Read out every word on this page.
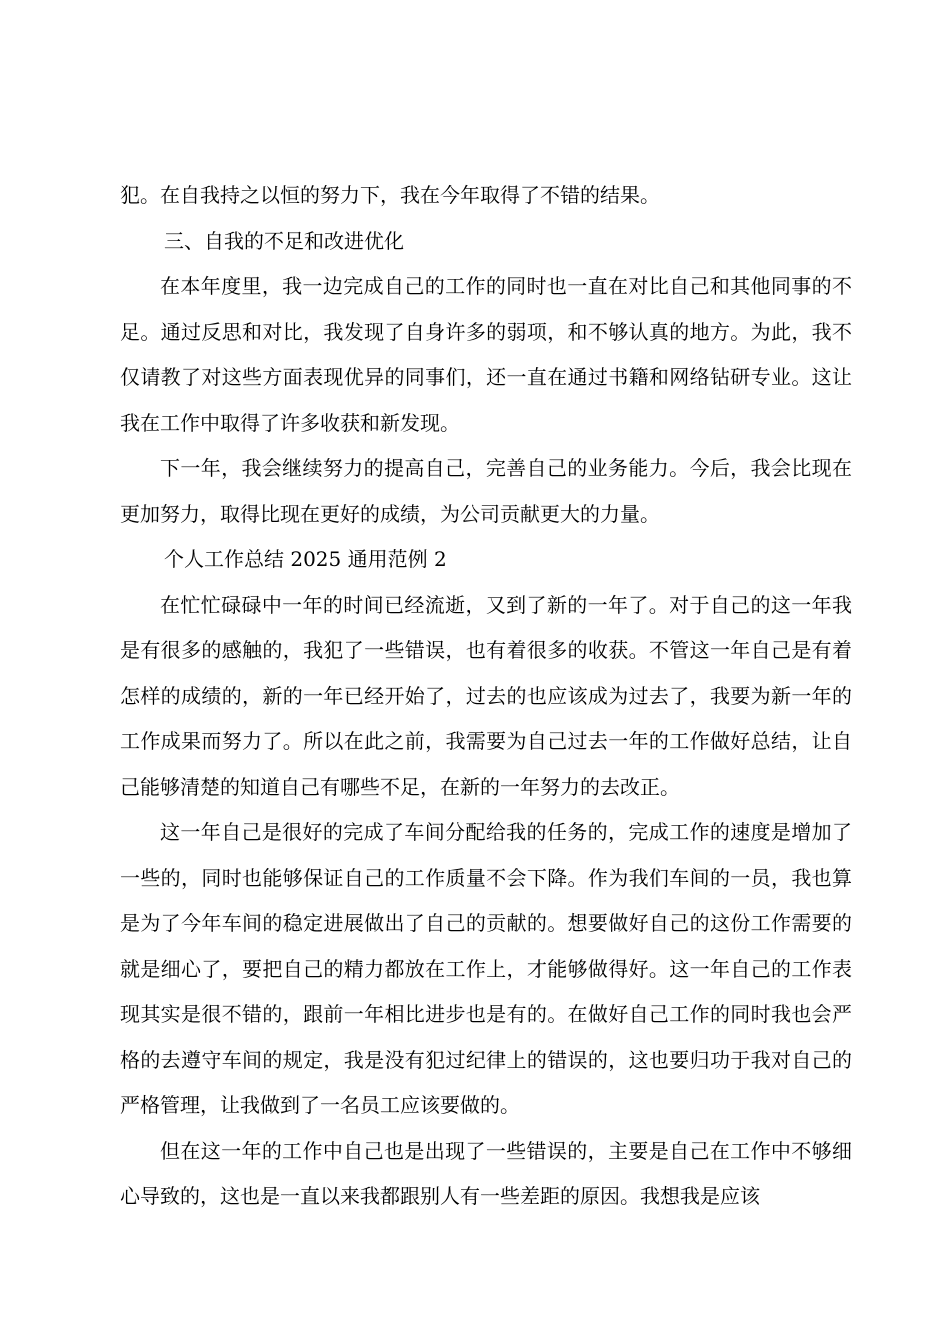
犯。在自我持之以恒的努力下，我在今年取得了不错的结果。

三、自我的不足和改进优化

在本年度里，我一边完成自己的工作的同时也一直在对比自己和其他同事的不足。通过反思和对比，我发现了自身许多的弱项，和不够认真的地方。为此，我不仅请教了对这些方面表现优异的同事们，还一直在通过书籍和网络钻研专业。这让我在工作中取得了许多收获和新发现。

下一年，我会继续努力的提高自己，完善自己的业务能力。今后，我会比现在更加努力，取得比现在更好的成绩，为公司贡献更大的力量。

个人工作总结 2025 通用范例 2

在忙忙碌碌中一年的时间已经流逝，又到了新的一年了。对于自己的这一年我是有很多的感触的，我犯了一些错误，也有着很多的收获。不管这一年自己是有着怎样的成绩的，新的一年已经开始了，过去的也应该成为过去了，我要为新一年的工作成果而努力了。所以在此之前，我需要为自己过去一年的工作做好总结，让自己能够清楚的知道自己有哪些不足，在新的一年努力的去改正。

这一年自己是很好的完成了车间分配给我的任务的，完成工作的速度是增加了一些的，同时也能够保证自己的工作质量不会下降。作为我们车间的一员，我也算是为了今年车间的稳定进展做出了自己的贡献的。想要做好自己的这份工作需要的就是细心了，要把自己的精力都放在工作上，才能够做得好。这一年自己的工作表现其实是很不错的，跟前一年相比进步也是有的。在做好自己工作的同时我也会严格的去遵守车间的规定，我是没有犯过纪律上的错误的，这也要归功于我对自己的严格管理，让我做到了一名员工应该要做的。

但在这一年的工作中自己也是出现了一些错误的，主要是自己在工作中不够细心导致的，这也是一直以来我都跟别人有一些差距的原因。我想我是应该
